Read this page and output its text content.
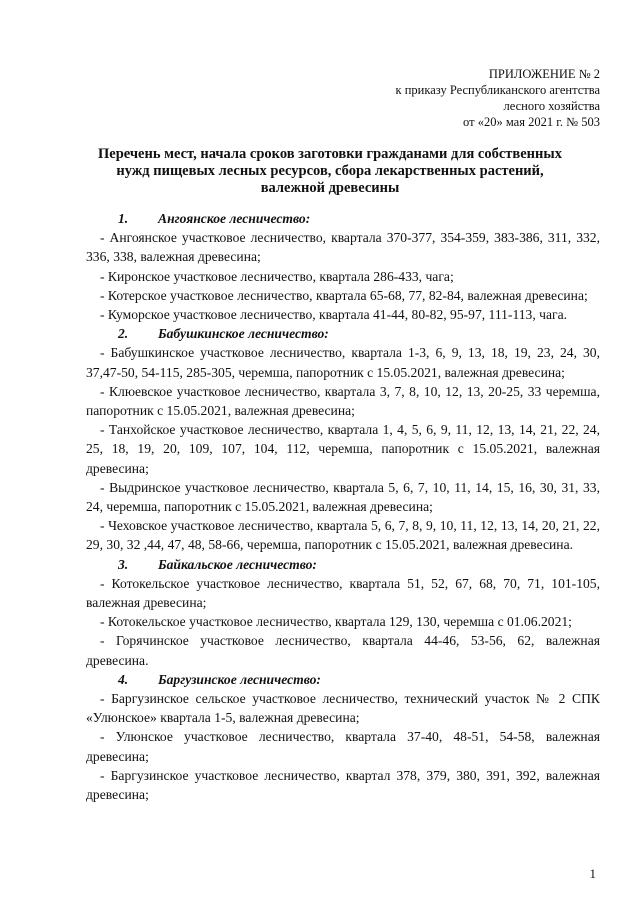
ПРИЛОЖЕНИЕ № 2
к приказу Республиканского агентства
лесного хозяйства
от «20» мая 2021 г. № 503
Перечень мест, начала сроков заготовки гражданами для собственных
нужд пищевых лесных ресурсов, сбора лекарственных растений,
валежной древесины
1. Ангоянское лесничество:

- Ангоянское участковое лесничество, квартала 370-377, 354-359, 383-386, 311, 332, 336, 338, валежная древесина;

- Киронское участковое лесничество, квартала 286-433, чага;

- Котерское участковое лесничество, квартала 65-68, 77, 82-84, валежная древесина;

- Куморское участковое лесничество, квартала 41-44, 80-82, 95-97, 111-113, чага.

2. Бабушкинское лесничество:

- Бабушкинское участковое лесничество, квартала 1-3, 6, 9, 13, 18, 19, 23, 24, 30, 37,47-50, 54-115, 285-305, черемша, папоротник с 15.05.2021, валежная древесина;

- Клюевское участковое лесничество, квартала 3, 7, 8, 10, 12, 13, 20-25, 33 черемша, папоротник с 15.05.2021, валежная древесина;

- Танхойское участковое лесничество, квартала 1, 4, 5, 6, 9, 11, 12, 13, 14, 21, 22, 24, 25, 18, 19, 20, 109, 107, 104, 112, черемша, папоротник с 15.05.2021, валежная древесина;

- Выдринское участковое лесничество, квартала 5, 6, 7, 10, 11, 14, 15, 16, 30, 31, 33, 24, черемша, папоротник с 15.05.2021, валежная древесина;

- Чеховское участковое лесничество, квартала 5, 6, 7, 8, 9, 10, 11, 12, 13, 14, 20, 21, 22, 29, 30, 32 ,44, 47, 48, 58-66, черемша, папоротник с 15.05.2021, валежная древесина.

3. Байкальское лесничество:

- Котокельское участковое лесничество, квартала 51, 52, 67, 68, 70, 71, 101-105, валежная древесина;

- Котокельское участковое лесничество, квартала 129, 130, черемша с 01.06.2021;

- Горячинское участковое лесничество, квартала 44-46, 53-56, 62, валежная древесина.

4. Баргузинское лесничество:

- Баргузинское сельское участковое лесничество, технический участок № 2 СПК «Улюнское» квартала 1-5, валежная древесина;

- Улюнское участковое лесничество, квартала 37-40, 48-51, 54-58, валежная древесина;

- Баргузинское участковое лесничество, квартал 378, 379, 380, 391, 392, валежная древесина;

1
